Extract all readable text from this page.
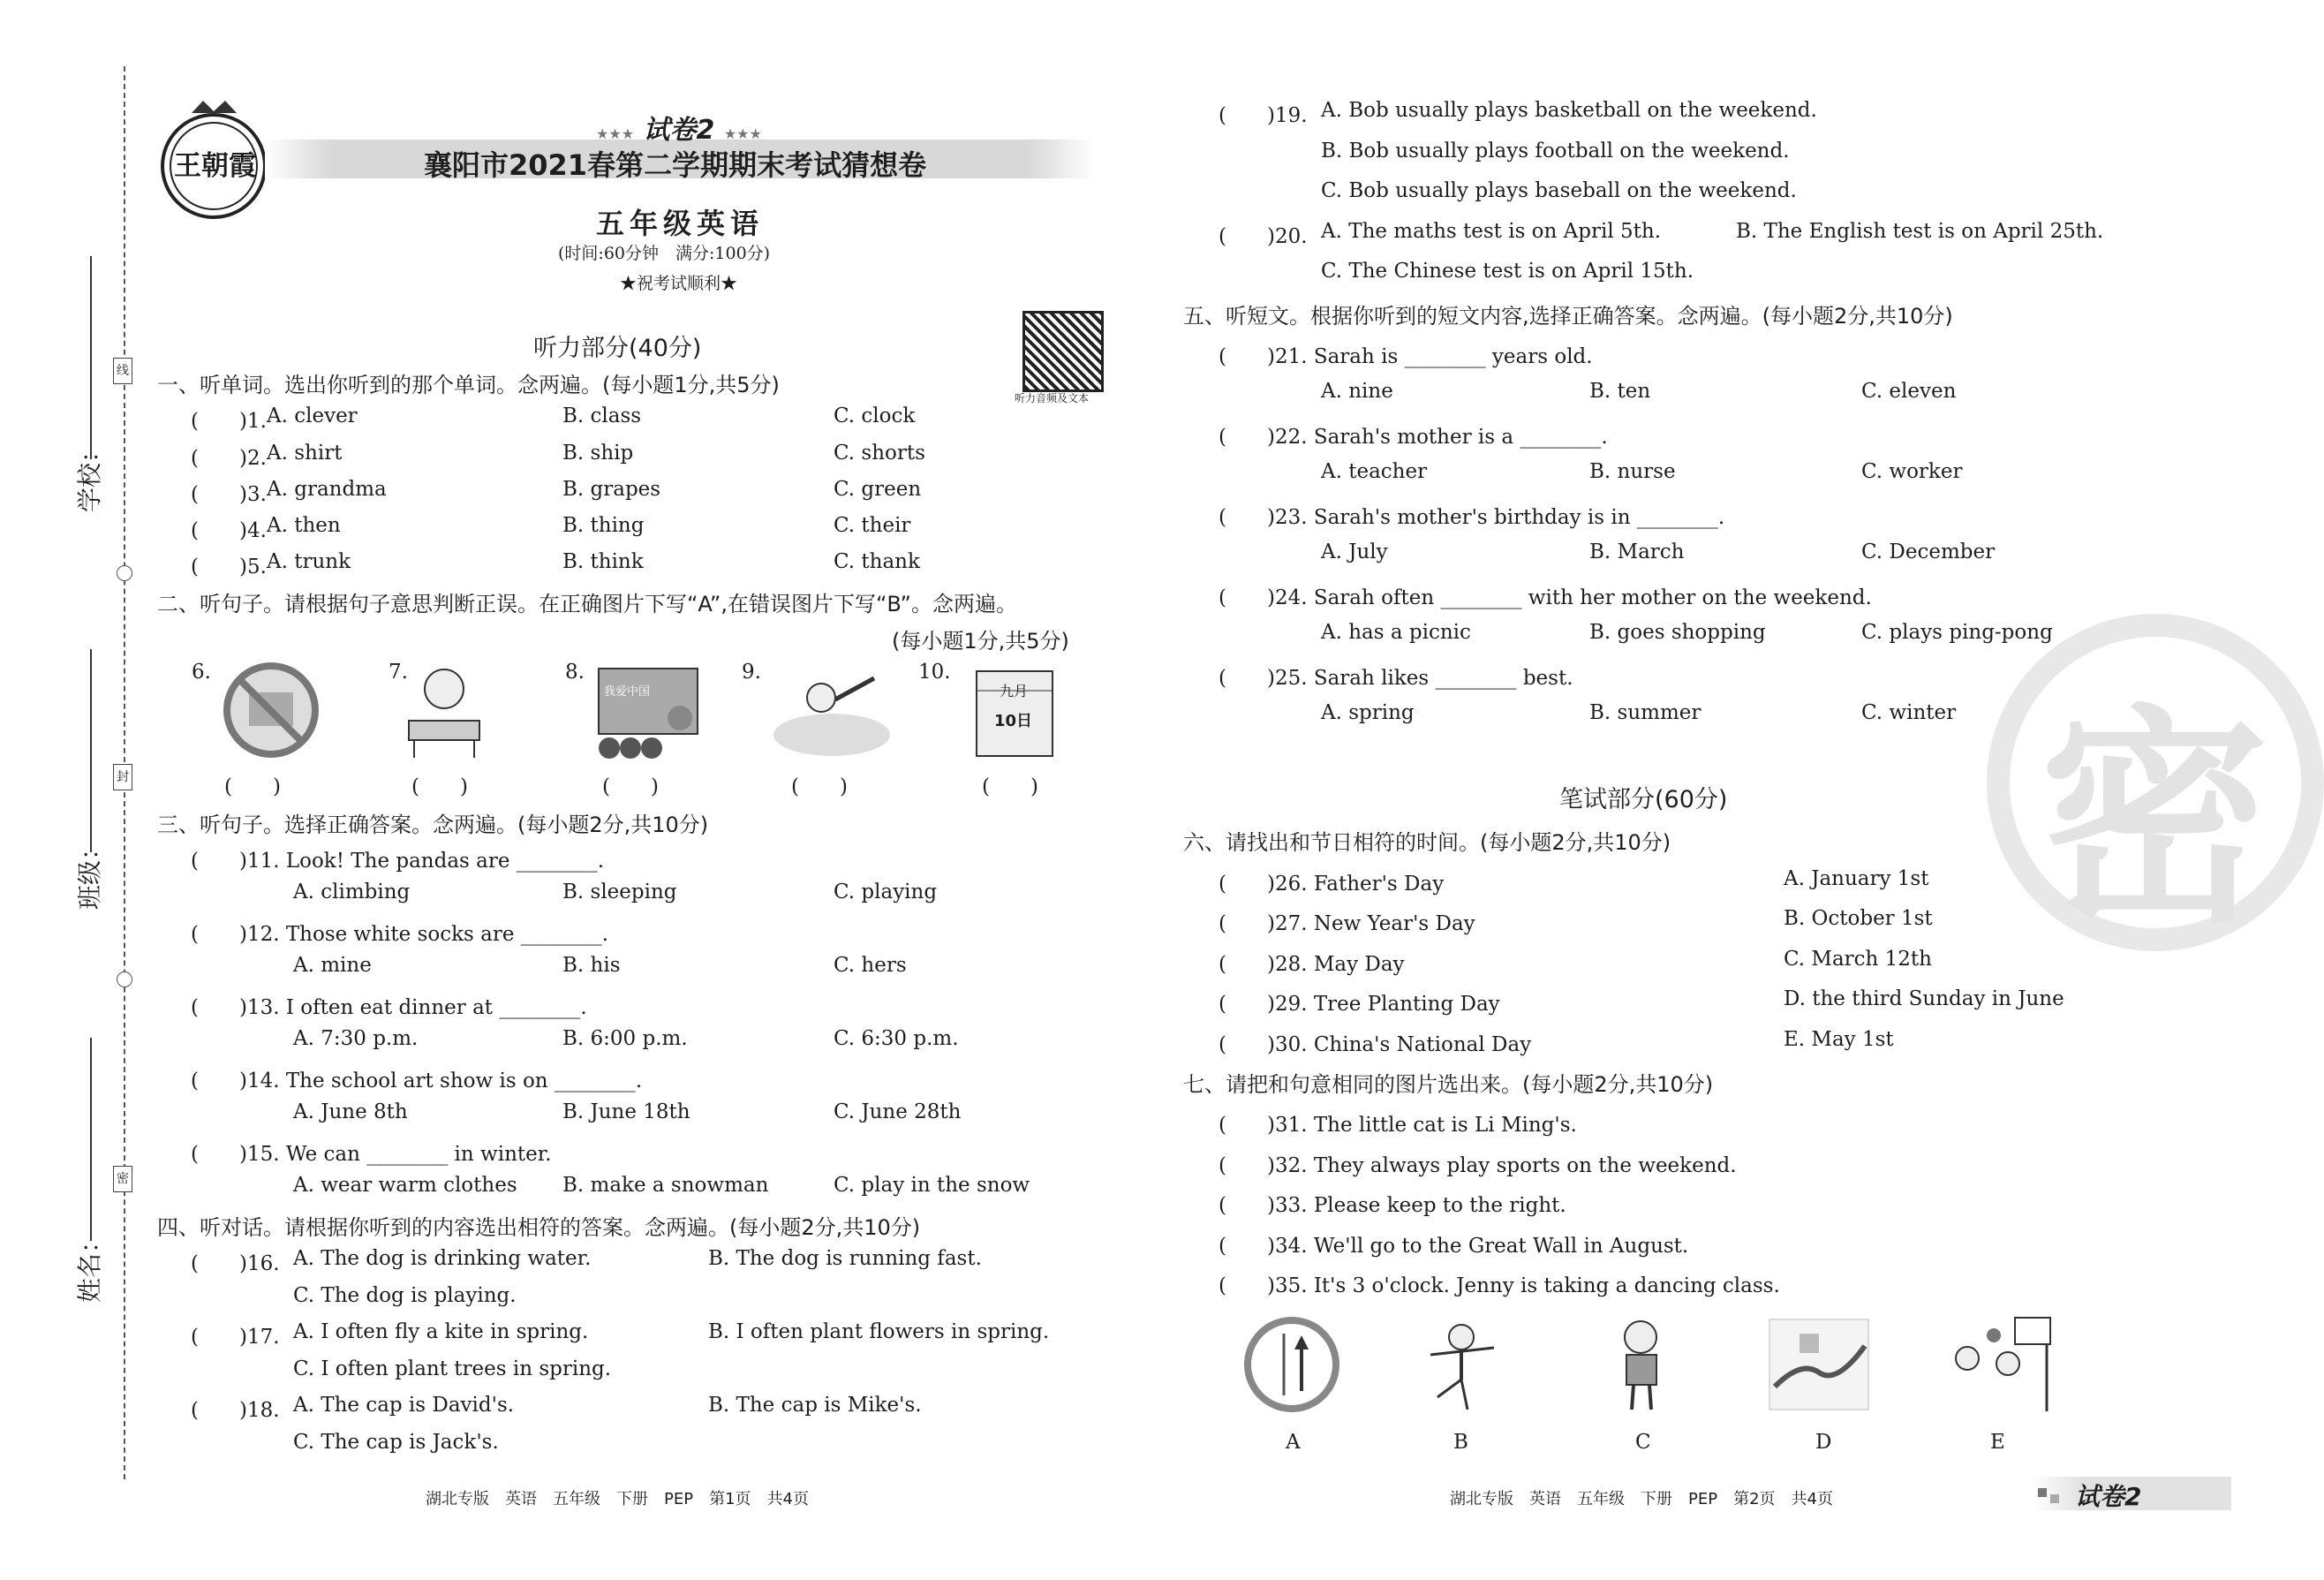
线
封
密
学校：
班级：
姓名：
王朝霞
★★★ 试卷2 ★★★
襄阳市2021春第二学期期末考试猜想卷
五年级英语
(时间:60分钟　满分:100分)
★祝考试顺利★
听力音频及文本
听力部分(40分)
一、听单词。选出你听到的那个单词。念两遍。(每小题1分,共5分)
(　　)1. A. clever	B. class	C. clock
(　　)2. A. shirt	B. ship	C. shorts
(　　)3. A. grandma	B. grapes	C. green
(　　)4. A. then	B. thing	C. their
(　　)5. A. trunk	B. think	C. thank
二、听句子。请根据句子意思判断正误。在正确图片下写“A”,在错误图片下写“B”。念两遍。
(每小题1分,共5分)
6.	7.	8.	9.	10.
我爱中国	九月
10日
(　　)	(　　)	(　　)	(　　)	(　　)
三、听句子。选择正确答案。念两遍。(每小题2分,共10分)
(　　)11. Look! The pandas are ________.
A. climbing	B. sleeping	C. playing
(　　)12. Those white socks are ________.
A. mine	B. his	C. hers
(　　)13. I often eat dinner at ________.
A. 7:30 p.m.	B. 6:00 p.m.	C. 6:30 p.m.
(　　)14. The school art show is on ________.
A. June 8th	B. June 18th	C. June 28th
(　　)15. We can ________ in winter.
A. wear warm clothes B. make a snowman	C. play in the snow
四、听对话。请根据你听到的内容选出相符的答案。念两遍。(每小题2分,共10分)
(　　)16. A. The dog is drinking water.	B. The dog is running fast.
C. The dog is playing.
(　　)17. A. I often fly a kite in spring.	B. I often plant flowers in spring.
C. I often plant trees in spring.
(　　)18. A. The cap is David's.	B. The cap is Mike's.
C. The cap is Jack's.
湖北专版　英语　五年级　下册　PEP　第1页　共4页
密
(　　)19. A. Bob usually plays basketball on the weekend.
B. Bob usually plays football on the weekend.
C. Bob usually plays baseball on the weekend.
(　　)20. A. The maths test is on April 5th.	B. The English test is on April 25th.
C. The Chinese test is on April 15th.
五、听短文。根据你听到的短文内容,选择正确答案。念两遍。(每小题2分,共10分)
(　　)21. Sarah is ________ years old.
A. nine	B. ten	C. eleven
(　　)22. Sarah's mother is a ________.
A. teacher	B. nurse	C. worker
(　　)23. Sarah's mother's birthday is in ________.
A. July	B. March	C. December
(　　)24. Sarah often ________ with her mother on the weekend.
A. has a picnic	B. goes shopping	C. plays ping-pong
(　　)25. Sarah likes ________ best.
A. spring	B. summer	C. winter
笔试部分(60分)
六、请找出和节日相符的时间。(每小题2分,共10分)
(　　)26. Father's Day	A. January 1st
(　　)27. New Year's Day	B. October 1st
(　　)28. May Day	C. March 12th
(　　)29. Tree Planting Day	D. the third Sunday in June
(　　)30. China's National Day	E. May 1st
七、请把和句意相同的图片选出来。(每小题2分,共10分)
(　　)31. The little cat is Li Ming's.
(　　)32. They always play sports on the weekend.
(　　)33. Please keep to the right.
(　　)34. We'll go to the Great Wall in August.
(　　)35. It's 3 o'clock. Jenny is taking a dancing class.
A	B	C	D	E
湖北专版　英语　五年级　下册　PEP　第2页　共4页	试卷2
